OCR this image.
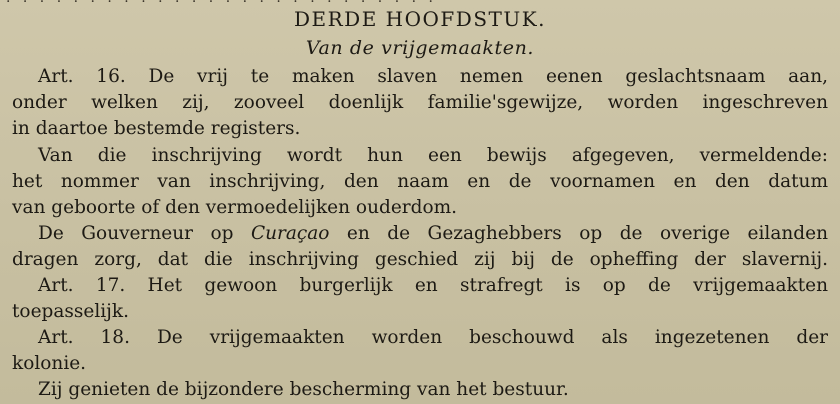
· · · · · · · · · · · · · · · · · · · · · · · · · ·
DERDE HOOFDSTUK.
Van de vrijgemaakten.
Art. 16. De vrij te maken slaven nemen eenen geslachtsnaam aan,
onder welken zij, zooveel doenlijk familie'sgewijze, worden ingeschreven
in daartoe bestemde registers.
Van die inschrijving wordt hun een bewijs afgegeven, vermeldende:
het nommer van inschrijving, den naam en de voornamen en den datum
van geboorte of den vermoedelijken ouderdom.
De Gouverneur op Curaçao en de Gezaghebbers op de overige eilanden
dragen zorg, dat die inschrijving geschied zij bij de opheffing der slavernij.
Art. 17. Het gewoon burgerlijk en strafregt is op de vrijgemaakten
toepasselijk.
Art. 18. De vrijgemaakten worden beschouwd als ingezetenen der
kolonie.
Zij genieten de bijzondere bescherming van het bestuur.
